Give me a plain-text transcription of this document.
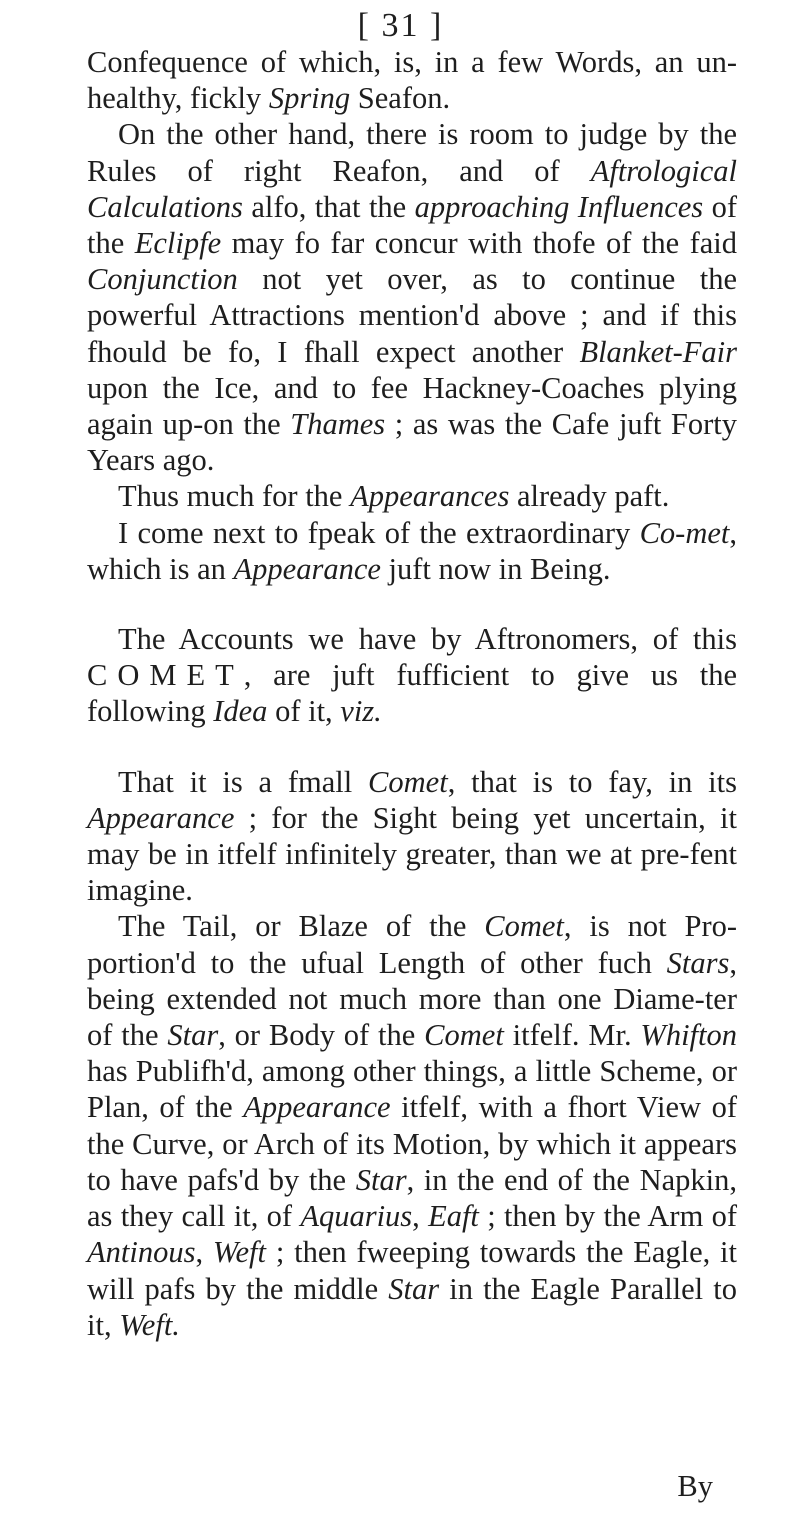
[ 31 ]

Confequence of which, is, in a few Words, an un-healthy, fickly Spring Seafon.

On the other hand, there is room to judge by the Rules of right Reafon, and of Aftrological Calculations alfo, that the approaching Influences of the Eclipfe may fo far concur with thofe of the faid Conjunction not yet over, as to continue the powerful Attractions mention'd above ; and if this fhould be fo, I fhall expect another Blanket-Fair upon the Ice, and to fee Hackney-Coaches plying again up-on the Thames ; as was the Cafe juft Forty Years ago.

Thus much for the Appearances already paft.

I come next to fpeak of the extraordinary Co-met, which is an Appearance juft now in Being.

The Accounts we have by Aftronomers, of this COMET, are juft fufficient to give us the following Idea of it, viz.

That it is a fmall Comet, that is to fay, in its Appearance ; for the Sight being yet uncertain, it may be in itfelf infinitely greater, than we at pre-fent imagine.

The Tail, or Blaze of the Comet, is not Pro-portion'd to the ufual Length of other fuch Stars, being extended not much more than one Diame-ter of the Star, or Body of the Comet itfelf. Mr. Whifton has Publifh'd, among other things, a little Scheme, or Plan, of the Appearance itfelf, with a fhort View of the Curve, or Arch of its Motion, by which it appears to have pafs'd by the Star, in the end of the Napkin, as they call it, of Aquarius, Eaft ; then by the Arm of Antinous, Weft ; then fweeping towards the Eagle, it will pafs by the middle Star in the Eagle Parallel to it, Weft.

By
